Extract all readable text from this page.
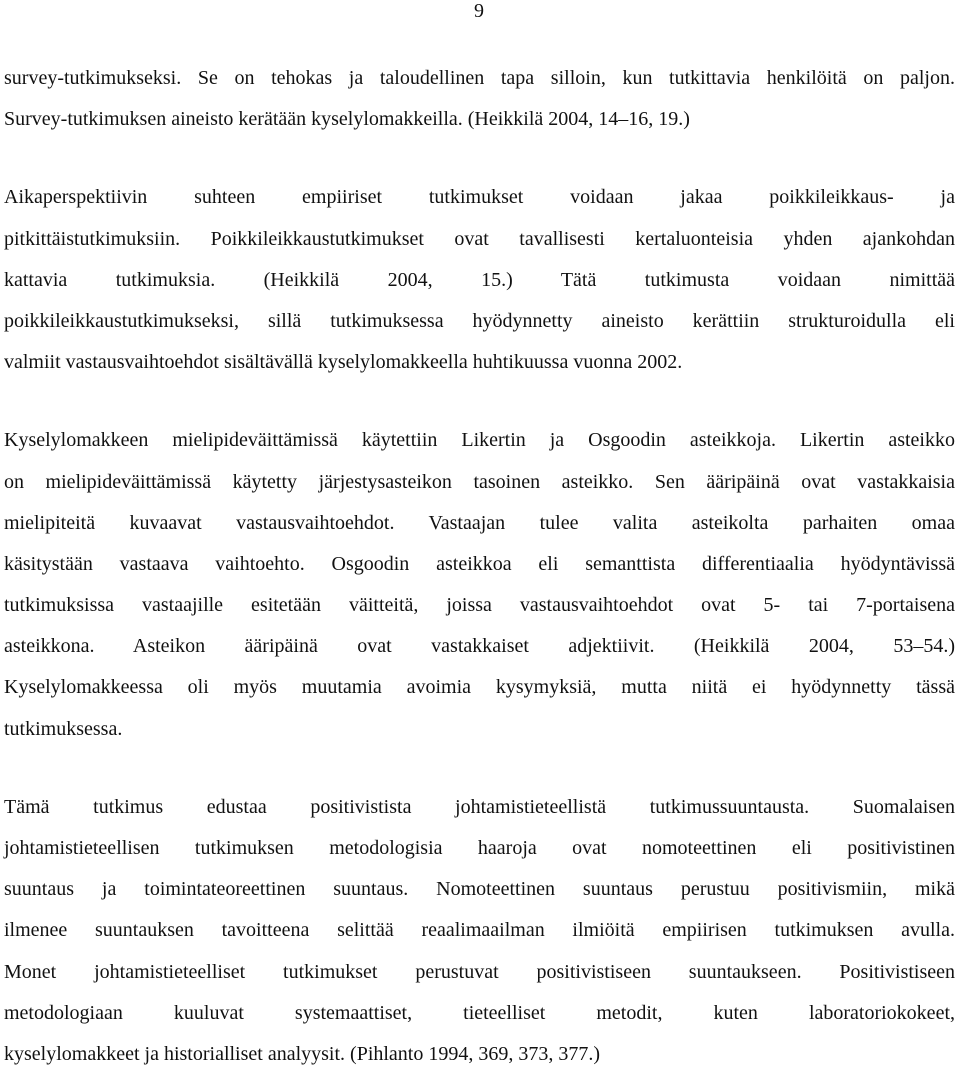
9
survey-tutkimukseksi. Se on tehokas ja taloudellinen tapa silloin, kun tutkittavia henkilöitä on paljon.
Survey-tutkimuksen aineisto kerätään kyselylomakkeilla. (Heikkilä 2004, 14–16, 19.)
Aikaperspektiivin suhteen empiiriset tutkimukset voidaan jakaa poikkileikkaus- ja
pitkittäistutkimuksiin. Poikkileikkaustutkimukset ovat tavallisesti kertaluonteisia yhden ajankohdan
kattavia tutkimuksia. (Heikkilä 2004, 15.) Tätä tutkimusta voidaan nimittää
poikkileikkaustutkimukseksi, sillä tutkimuksessa hyödynnetty aineisto kerättiin strukturoidulla eli
valmiit vastausvaihtoehdot sisältävällä kyselylomakkeella huhtikuussa vuonna 2002.
Kyselylomakkeen mielipideväittämissä käytettiin Likertin ja Osgoodin asteikkoja. Likertin asteikko
on mielipideväittämissä käytetty järjestysasteikon tasoinen asteikko. Sen ääripäinä ovat vastakkaisia
mielipiteitä kuvaavat vastausvaihtoehdot. Vastaajan tulee valita asteikolta parhaiten omaa
käsitystään vastaava vaihtoehto. Osgoodin asteikkoa eli semanttista differentiaalia hyödyntävissä
tutkimuksissa vastaajille esitetään väitteitä, joissa vastausvaihtoehdot ovat 5- tai 7-portaisena
asteikkona. Asteikon ääripäinä ovat vastakkaiset adjektiivit. (Heikkilä 2004, 53–54.)
Kyselylomakkeessa oli myös muutamia avoimia kysymyksiä, mutta niitä ei hyödynnetty tässä
tutkimuksessa.
Tämä tutkimus edustaa positivistista johtamistieteellistä tutkimussuuntausta. Suomalaisen
johtamistieteellisen tutkimuksen metodologisia haaroja ovat nomoteettinen eli positivistinen
suuntaus ja toimintateoreettinen suuntaus. Nomoteettinen suuntaus perustuu positivismiin, mikä
ilmenee suuntauksen tavoitteena selittää reaalimaailman ilmiöitä empiirisen tutkimuksen avulla.
Monet johtamistieteelliset tutkimukset perustuvat positivistiseen suuntaukseen. Positivistiseen
metodologiaan kuuluvat systemaattiset, tieteelliset metodit, kuten laboratoriokokeet,
kyselylomakkeet ja historialliset analyysit. (Pihlanto 1994, 369, 373, 377.)
